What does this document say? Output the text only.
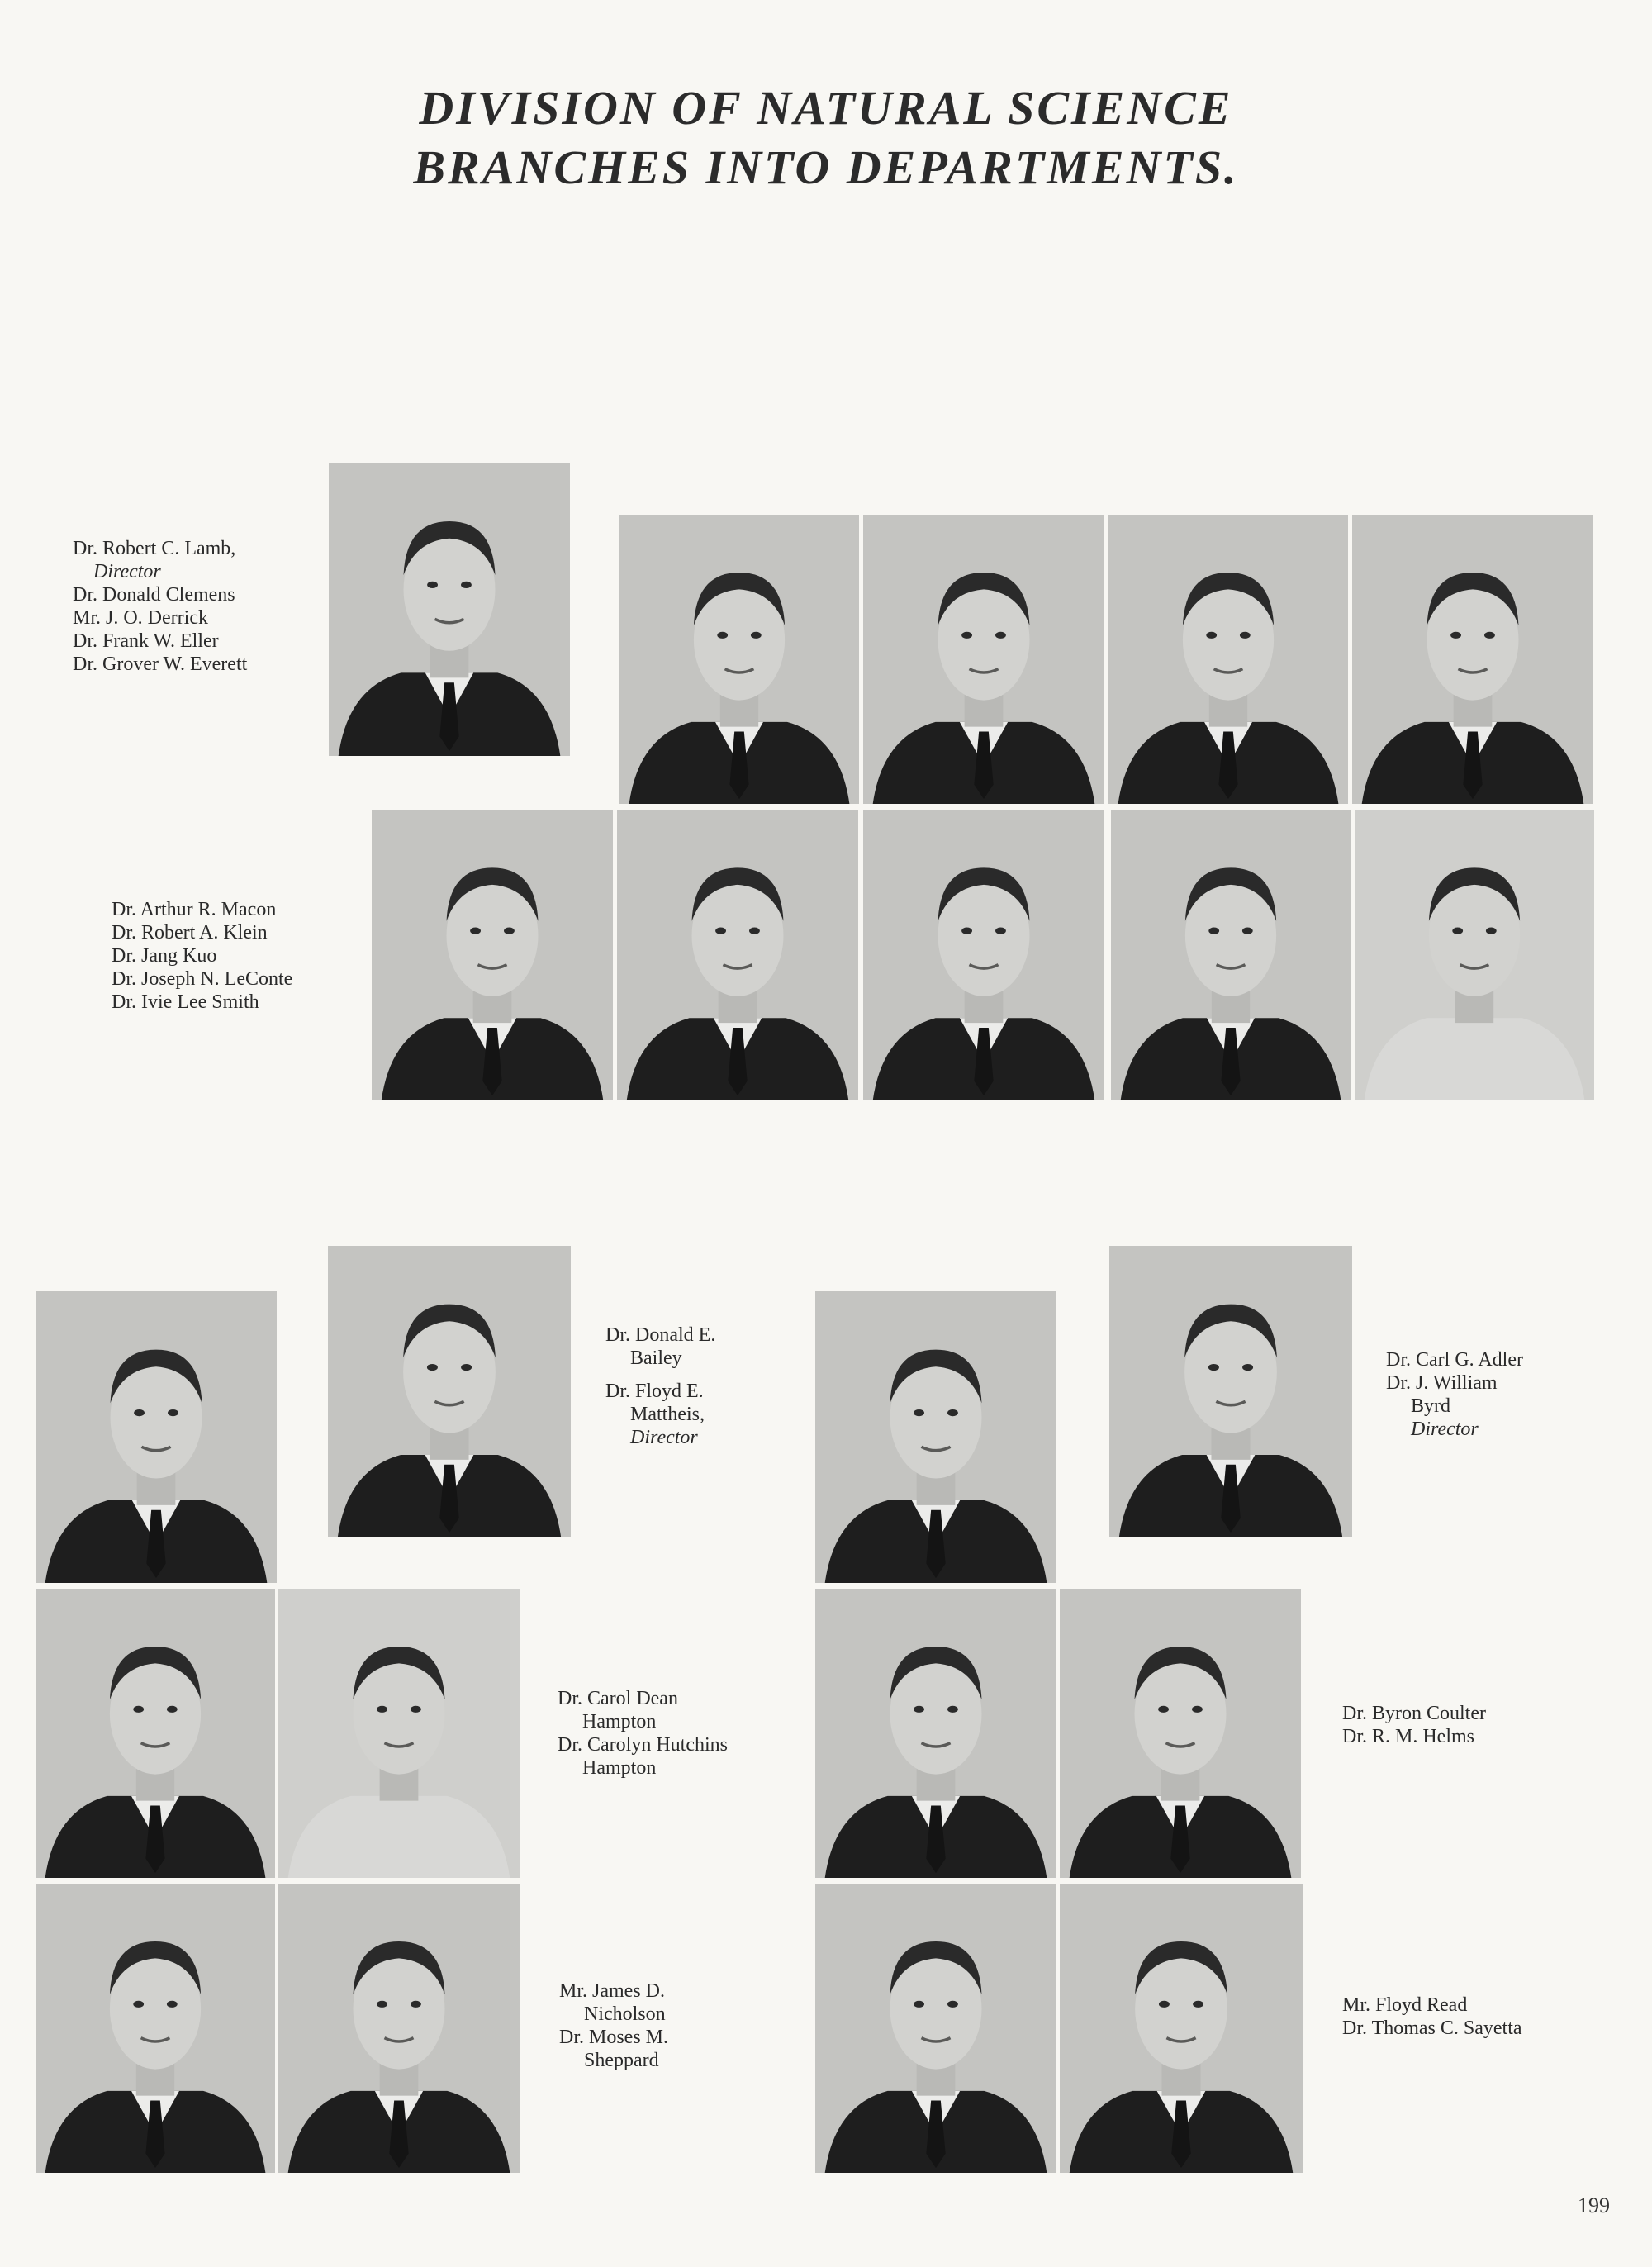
DIVISION OF NATURAL SCIENCE
BRANCHES INTO DEPARTMENTS.
Dr. Robert C. Lamb,
Director
Dr. Donald Clemens
Mr. J. O. Derrick
Dr. Frank W. Eller
Dr. Grover W. Everett
Dr. Arthur R. Macon
Dr. Robert A. Klein
Dr. Jang Kuo
Dr. Joseph N. LeConte
Dr. Ivie Lee Smith
Dr. Donald E.
Bailey
Dr. Floyd E.
Mattheis,
Director
Dr. Carl G. Adler
Dr. J. William
Byrd
Director
Dr. Carol Dean
Hampton
Dr. Carolyn Hutchins
Hampton
Dr. Byron Coulter
Dr. R. M. Helms
Mr. James D.
Nicholson
Dr. Moses M.
Sheppard
Mr. Floyd Read
Dr. Thomas C. Sayetta
199
